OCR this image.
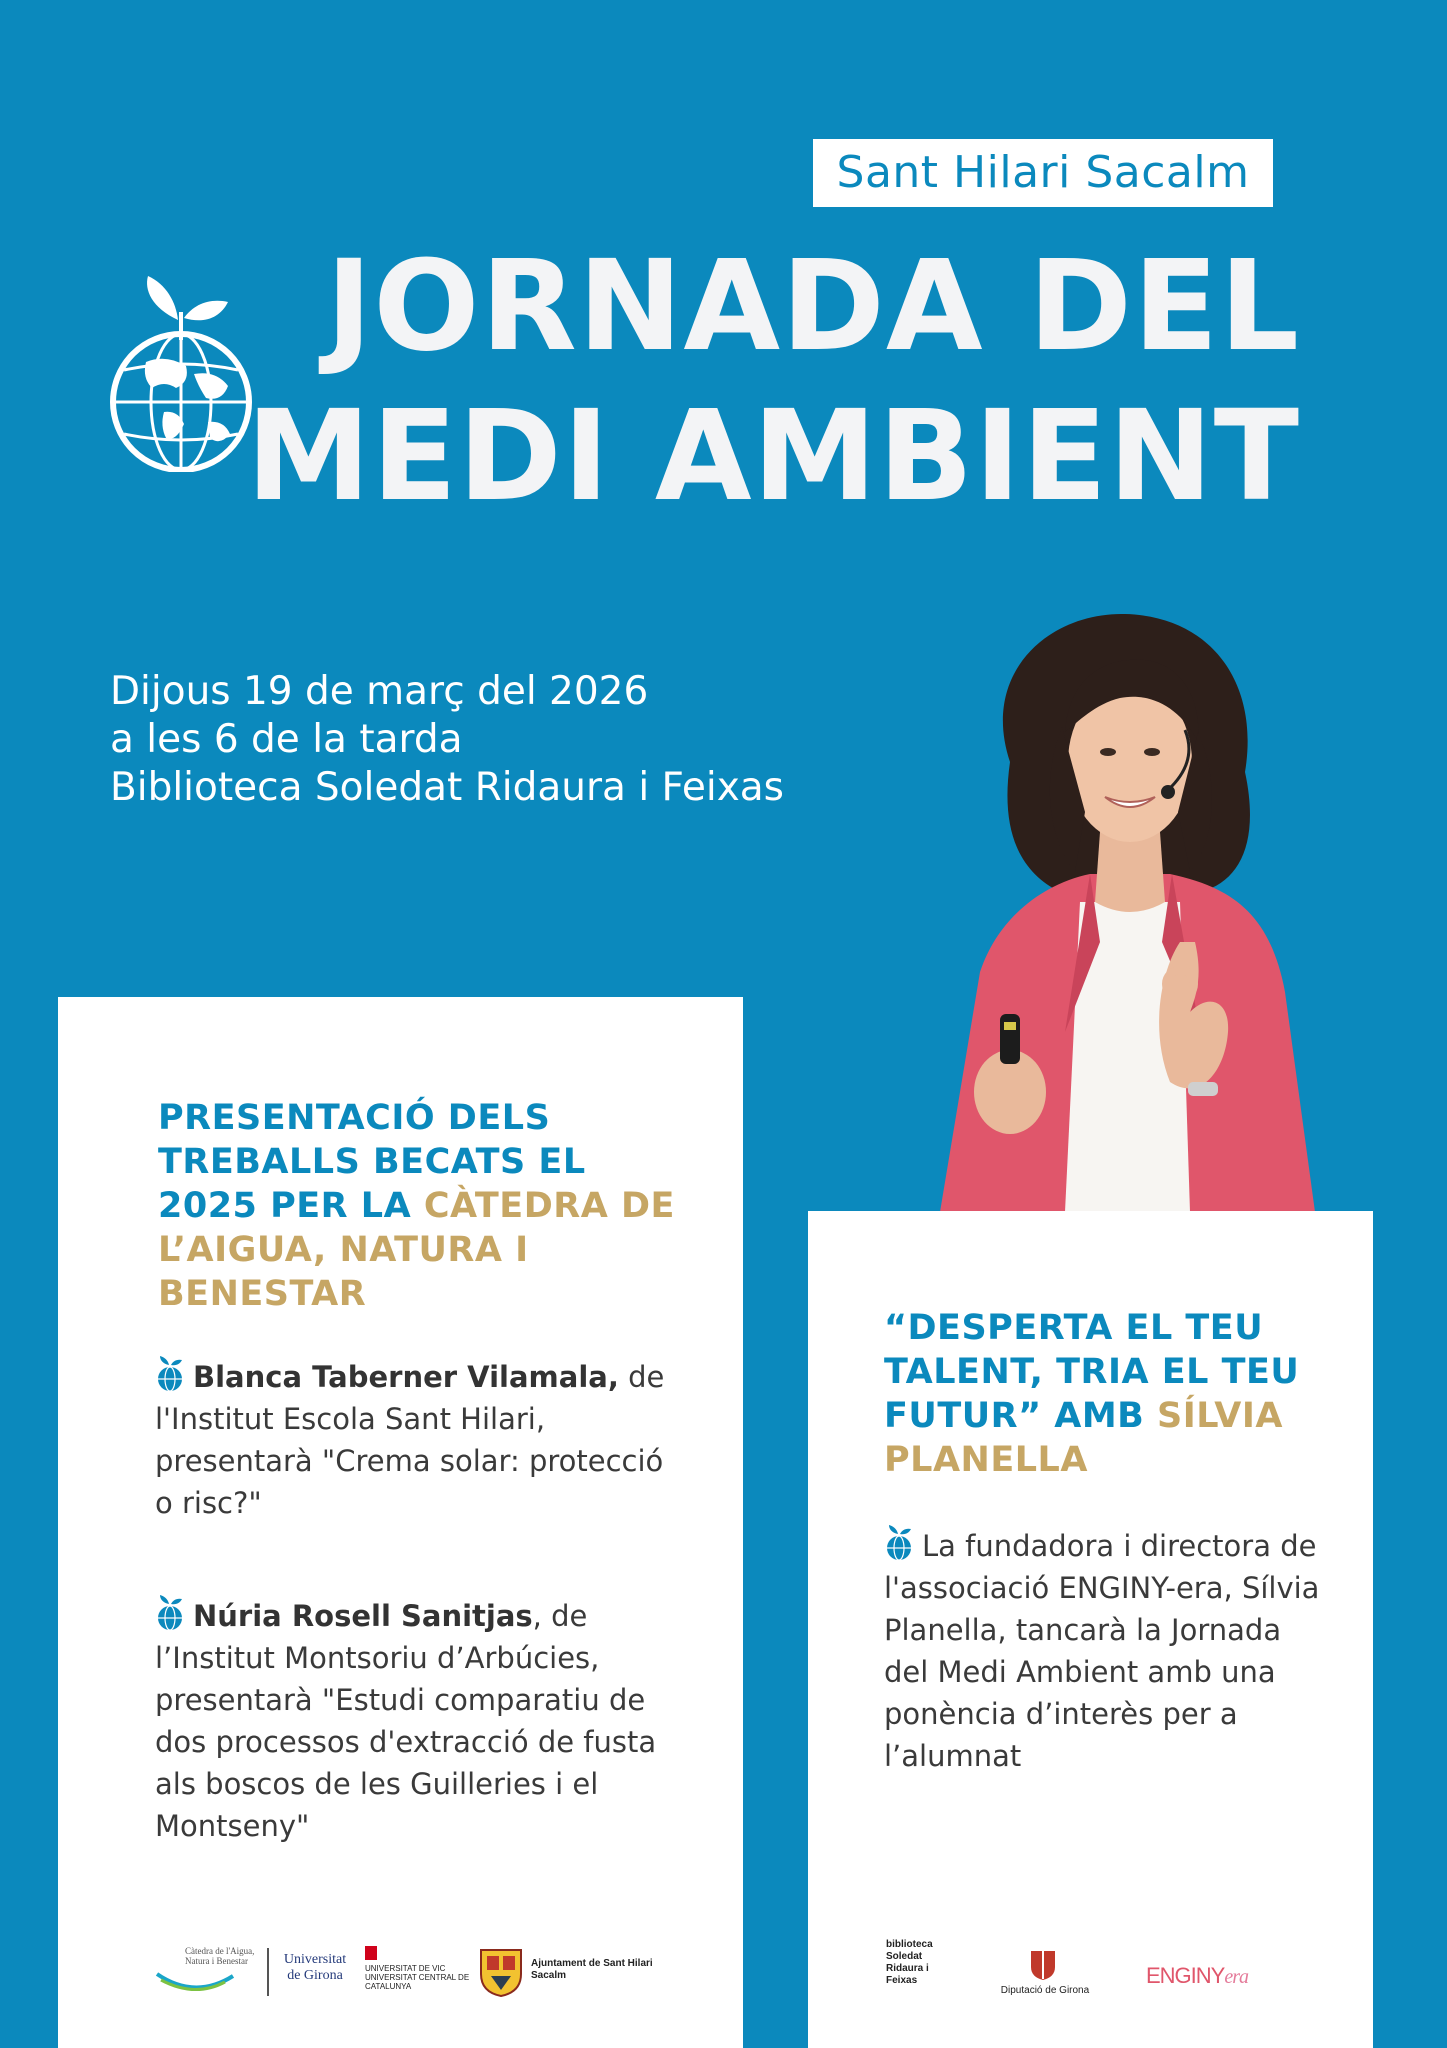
Sant Hilari Sacalm
JORNADA DEL
MEDI AMBIENT
Dijous 19 de març del 2026
a les 6 de la tarda
Biblioteca Soledat Ridaura i Feixas
PRESENTACIÓ DELS TREBALLS BECATS EL 2025 PER LA CÀTEDRA DE L’AIGUA, NATURA I BENESTAR
Blanca Taberner Vilamala, de l'Institut Escola Sant Hilari, presentarà "Crema solar: protecció o risc?"
Núria Rosell Sanitjas, de l’Institut Montsoriu d’Arbúcies, presentarà "Estudi comparatiu de dos processos d'extracció de fusta als boscos de les Guilleries i el Montseny"
Càtedra de l'Aigua, Natura i Benestar	Universitat de Girona	UNIVERSITAT DE VIC UNIVERSITAT CENTRAL DE CATALUNYA
Ajuntament de Sant Hilari Sacalm
“DESPERTA EL TEU TALENT, TRIA EL TEU FUTUR” AMB SÍLVIA PLANELLA
La fundadora i directora de l'associació ENGINY-era, Sílvia Planella, tancarà la Jornada del Medi Ambient amb una ponència d’interès per a l’alumnat
biblioteca Soledat Ridaura i Feixas
Diputació de Girona
ENGINYera
